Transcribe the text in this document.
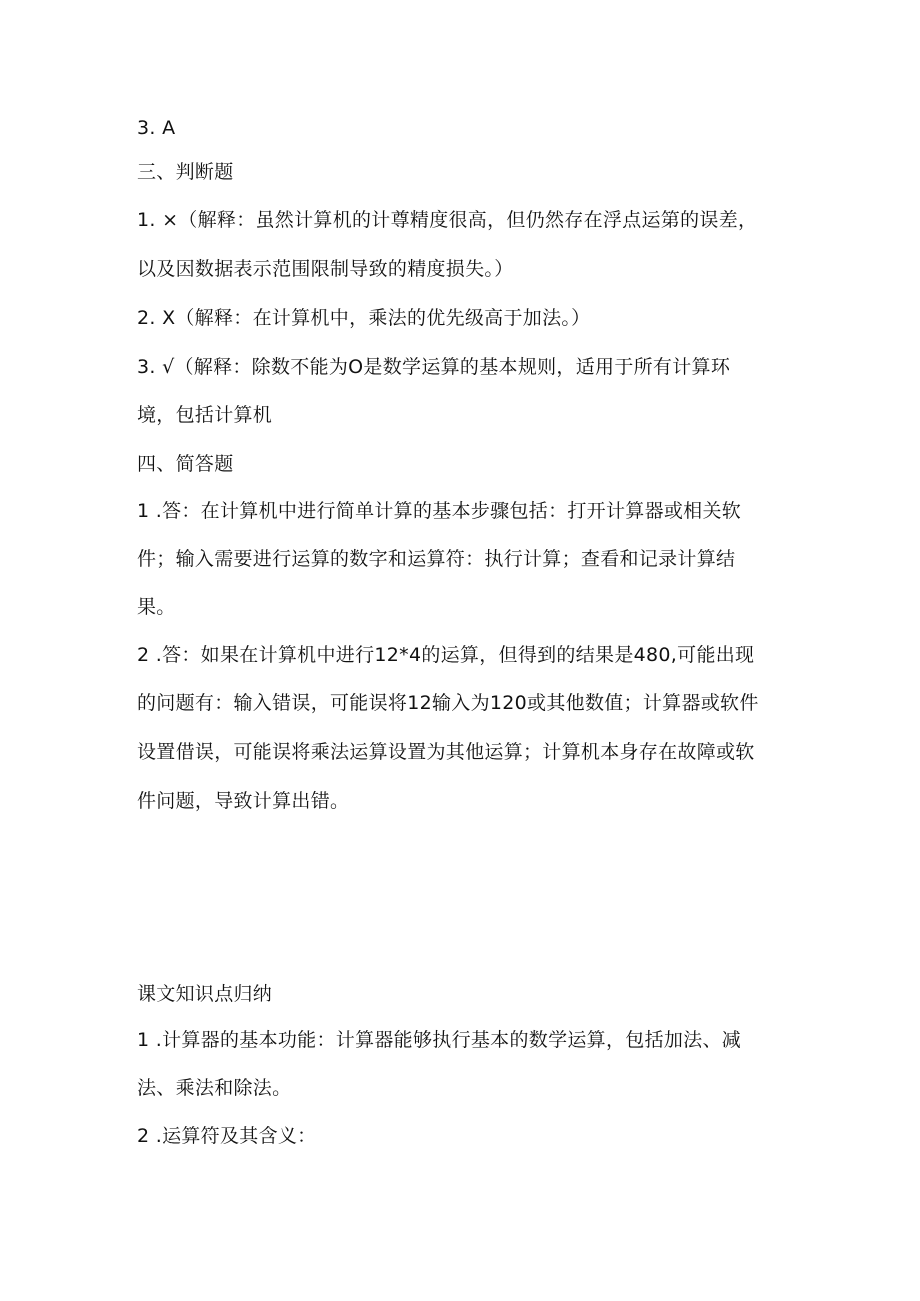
3. A
三、判断题
1. ×（解释：虽然计算机的计尊精度很高，但仍然存在浮点运第的误差，
以及因数据表示范围限制导致的精度损失。）
2. X（解释：在计算机中，乘法的优先级高于加法。）
3. √（解释：除数不能为O是数学运算的基本规则，适用于所有计算环
境，包括计算机
四、简答题
1 .答：在计算机中进行简单计算的基本步骤包括：打开计算器或相关软
件；输入需要进行运算的数字和运算符：执行计算；查看和记录计算结
果。
2 .答：如果在计算机中进行12*4的运算，但得到的结果是480,可能出现
的问题有：输入错误，可能误将12输入为120或其他数值；计算器或软件
设置借误，可能误将乘法运算设置为其他运算；计算机本身存在故障或软
件问题，导致计算出错。
课文知识点归纳
1 .计算器的基本功能：计算器能够执行基本的数学运算，包括加法、减
法、乘法和除法。
2 .运算符及其含义：
